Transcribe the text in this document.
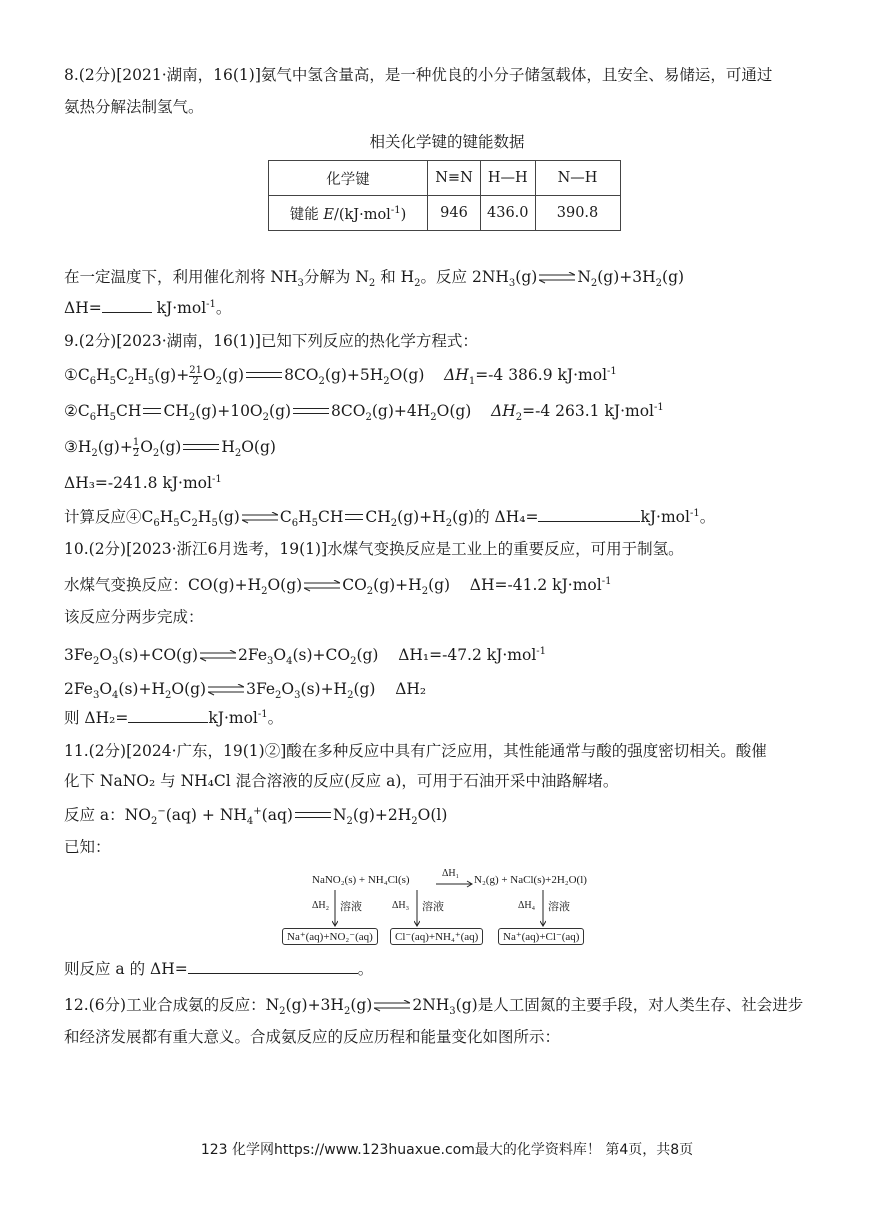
8.(2分)[2021·湖南，16(1)]氨气中氢含量高，是一种优良的小分子储氢载体，且安全、易储运，可通过
氨热分解法制氢气。
相关化学键的键能数据
化学键	N≡N	H—H	N—H
键能 E/(kJ·mol$^{-1}$)	946	436.0	390.8
在一定温度下，利用催化剂将 $NH_3$分解为 $N_2$ 和 $H_2$。反应 $2NH_3(g)$	$N_2(g)+3H_2(g)$
ΔH=	kJ·mol$^{-1}$。
9.(2分)[2023·湖南，16(1)]已知下列反应的热化学方程式：
$①C_6H_5C_2H_5(g)+ \frac{21}{2} O_2(g)$	$8CO_2(g)+5H_2O(g)$    $\Delta H_1=-4$ 386.9 kJ·mol$^{-1}$
$②C_6H_5CH$ $CH_2(g)+10O_2(g)$	$8CO_2(g)+4H_2O(g)$    $\Delta H_2=-4$ 263.1 kJ·mol$^{-1}$
$③H_2(g)+ \frac{1}{2} O_2(g)$	$H_2O(g)$
ΔH₃=-241.8 kJ·mol$^{-1}$
计算反应$④C_6H_5C_2H_5(g)$	$C_6H_5CH$ $CH_2(g)+H_2(g)$的 ΔH₄=	kJ·mol$^{-1}$。
10.(2分)[2023·浙江6月选考，19(1)]水煤气变换反应是工业上的重要反应，可用于制氢。
水煤气变换反应：$CO(g)+H_2O(g)$	$CO_2(g)+H_2(g)$    ΔH=-41.2 kJ·mol$^{-1}$
该反应分两步完成：
$3Fe_2O_3(s)+CO(g)$	$2Fe_3O_4(s)+CO_2(g)$    ΔH₁=-47.2 kJ·mol$^{-1}$
$2Fe_3O_4(s)+H_2O(g)$	$3Fe_2O_3(s)+H_2(g)$    ΔH₂
则 ΔH₂=	kJ·mol$^{-1}$。
11.(2分)[2024·广东，19(1)②]酸在多种反应中具有广泛应用，其性能通常与酸的强度密切相关。酸催
化下 NaNO₂ 与 NH₄Cl 混合溶液的反应(反应 a)，可用于石油开采中油路解堵。
反应 a：$NO_2^-(aq) + NH_4^+(aq)$	$N_2(g)+2H_2O(l)$
已知：
NaNO₂(s) + NH₄Cl(s)
ΔH₁
N₂(g) + NaCl(s)+2H₂O(l)
ΔH₂ 溶液	ΔH₃ 溶液	ΔH₄ 溶液
Na⁺(aq)+NO₂⁻(aq)	Cl⁻(aq)+NH₄⁺(aq)	Na⁺(aq)+Cl⁻(aq)
则反应 a 的 ΔH=	。
12.(6分)工业合成氨的反应：$N_2(g)+3H_2(g)$	$2NH_3(g)$是人工固氮的主要手段，对人类生存、社会进步
和经济发展都有重大意义。合成氨反应的反应历程和能量变化如图所示：
123 化学网https://www.123huaxue.com最大的化学资料库！ 第4页，共8页
